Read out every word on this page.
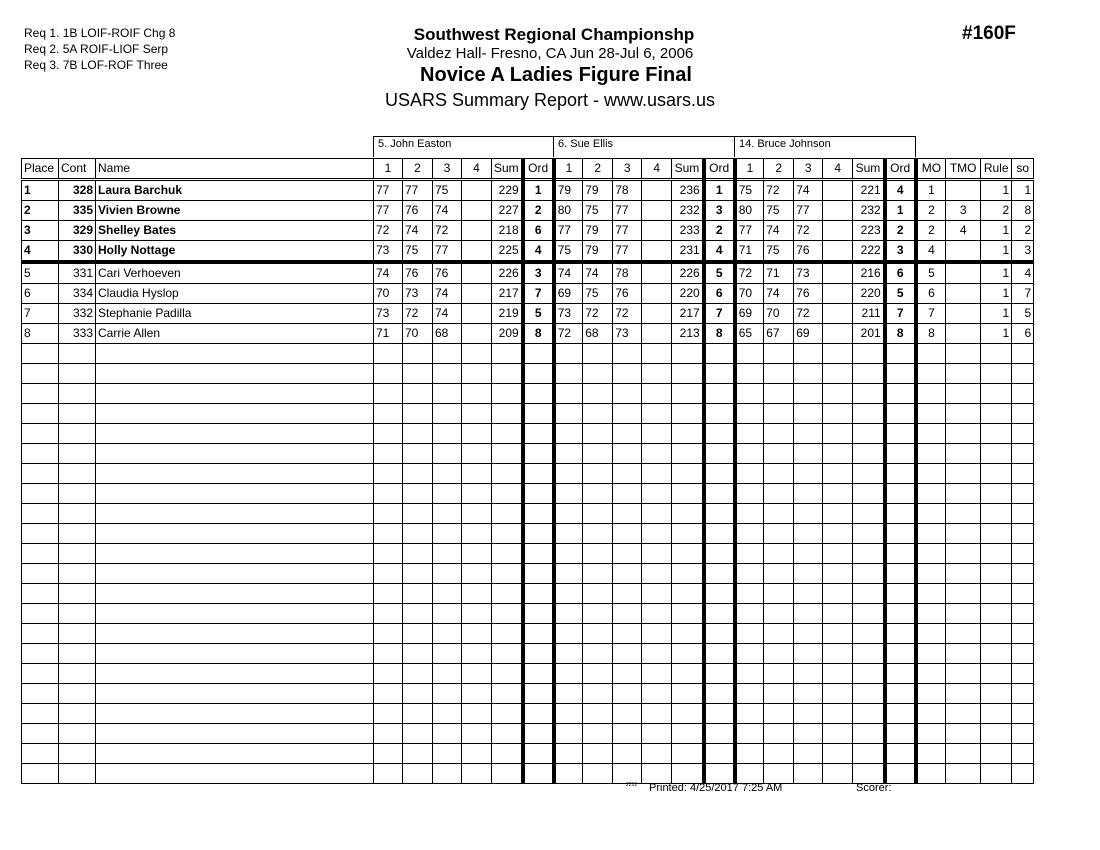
Req 1. 1B LOIF-ROIF Chg 8
Req 2. 5A ROIF-LIOF Serp
Req 3. 7B LOF-ROF Three
Southwest Regional Championshp
Valdez Hall- Fresno, CA Jun 28-Jul 6, 2006
Novice A Ladies Figure Final
USARS Summary Report - www.usars.us
#160F
5. John Easton	6. Sue Ellis	14. Bruce Johnson
Place	Cont	Name	1	2	3	4	Sum	Ord	1	2	3	4	Sum	Ord	1	2	3	4	Sum	Ord	MO	TMO	Rule	so
1	328	Laura Barchuk	77	77	75		229	1	79	79	78		236	1	75	72	74		221	4	1		1	1
2	335	Vivien Browne	77	76	74		227	2	80	75	77		232	3	80	75	77		232	1	2	3	2	8
3	329	Shelley Bates	72	74	72		218	6	77	79	77		233	2	77	74	72		223	2	2	4	1	2
4	330	Holly Nottage	73	75	77		225	4	75	79	77		231	4	71	75	76		222	3	4		1	3
5	331	Cari Verhoeven	74	76	76		226	3	74	74	78		226	5	72	71	73		216	6	5		1	4
6	334	Claudia Hyslop	70	73	74		217	7	69	75	76		220	6	70	74	76		220	5	6		1	7
7	332	Stephanie Padilla	73	72	74		219	5	73	72	72		217	7	69	70	72		211	7	7		1	5
8	333	Carrie Allen	71	70	68		209	8	72	68	73		213	8	65	67	69		201	8	8		1	6

2212 Printed: 4/25/2017 7:25 AM	Scorer:
